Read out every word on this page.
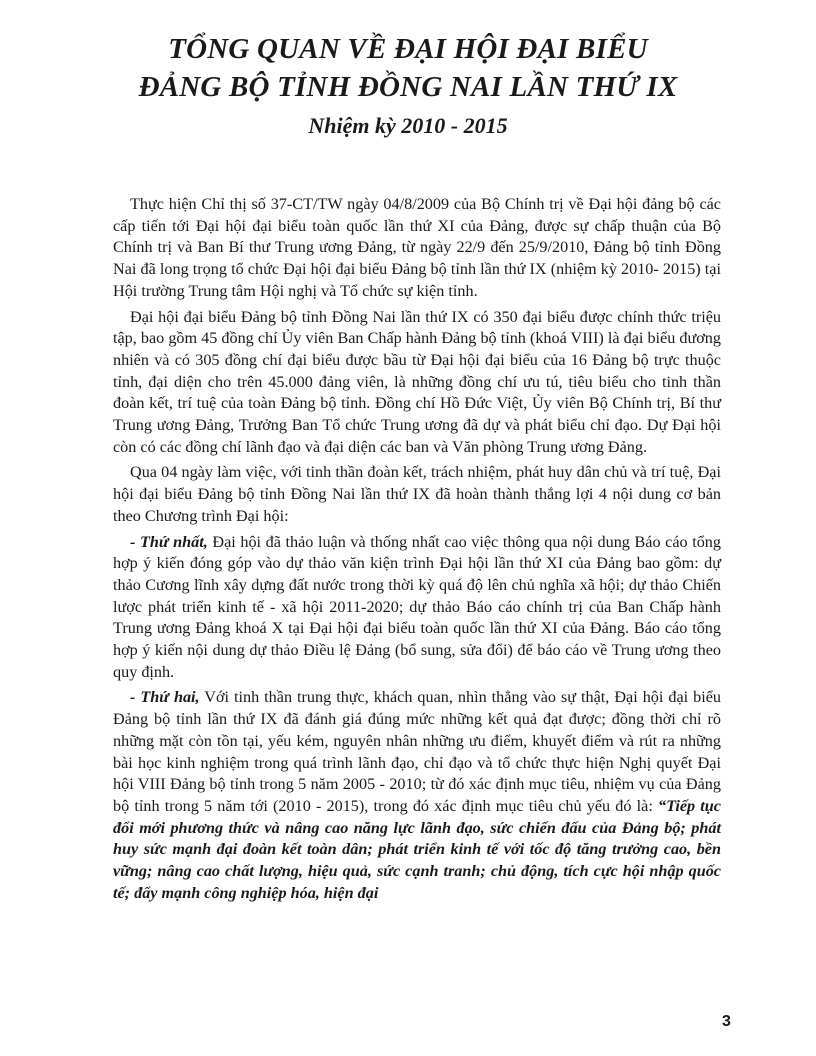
TỔNG QUAN VỀ ĐẠI HỘI ĐẠI BIỂU

ĐẢNG BỘ TỈNH ĐỒNG NAI LẦN THỨ IX

Nhiệm kỳ 2010 - 2015

Thực hiện Chỉ thị số 37-CT/TW ngày 04/8/2009 của Bộ Chính trị về Đại hội đảng bộ các cấp tiến tới Đại hội đại biểu toàn quốc lần thứ XI của Đảng, được sự chấp thuận của Bộ Chính trị và Ban Bí thư Trung ương Đảng, từ ngày 22/9 đến 25/9/2010, Đảng bộ tỉnh Đồng Nai đã long trọng tổ chức Đại hội đại biểu Đảng bộ tỉnh lần thứ IX (nhiệm kỳ 2010- 2015) tại Hội trường Trung tâm Hội nghị và Tổ chức sự kiện tỉnh.

Đại hội đại biểu Đảng bộ tỉnh Đồng Nai lần thứ IX có 350 đại biểu được chính thức triệu tập, bao gồm 45 đồng chí Ủy viên Ban Chấp hành Đảng bộ tỉnh (khoá VIII) là đại biểu đương nhiên và có 305 đồng chí đại biểu được bầu từ Đại hội đại biểu của 16 Đảng bộ trực thuộc tỉnh, đại diện cho trên 45.000 đảng viên, là những đồng chí ưu tú, tiêu biểu cho tinh thần đoàn kết, trí tuệ của toàn Đảng bộ tỉnh. Đồng chí Hồ Đức Việt, Ủy viên Bộ Chính trị, Bí thư Trung ương Đảng, Trưởng Ban Tổ chức Trung ương đã dự và phát biểu chỉ đạo. Dự Đại hội còn có các đồng chí lãnh đạo và đại diện các ban và Văn phòng Trung ương Đảng.

Qua 04 ngày làm việc, với tinh thần đoàn kết, trách nhiệm, phát huy dân chủ và trí tuệ, Đại hội đại biểu Đảng bộ tỉnh Đồng Nai lần thứ IX đã hoàn thành thắng lợi 4 nội dung cơ bản theo Chương trình Đại hội:

- Thứ nhất, Đại hội đã thảo luận và thống nhất cao việc thông qua nội dung Báo cáo tổng hợp ý kiến đóng góp vào dự thảo văn kiện trình Đại hội lần thứ XI của Đảng bao gồm: dự thảo Cương lĩnh xây dựng đất nước trong thời kỳ quá độ lên chủ nghĩa xã hội; dự thảo Chiến lược phát triển kinh tế - xã hội 2011-2020; dự thảo Báo cáo chính trị của Ban Chấp hành Trung ương Đảng khoá X tại Đại hội đại biểu toàn quốc lần thứ XI của Đảng. Báo cáo tổng hợp ý kiến nội dung dự thảo Điều lệ Đảng (bổ sung, sửa đổi) để báo cáo về Trung ương theo quy định.

- Thứ hai, Với tinh thần trung thực, khách quan, nhìn thẳng vào sự thật, Đại hội đại biểu Đảng bộ tỉnh lần thứ IX đã đánh giá đúng mức những kết quả đạt được; đồng thời chỉ rõ những mặt còn tồn tại, yếu kém, nguyên nhân những ưu điểm, khuyết điểm và rút ra những bài học kinh nghiệm trong quá trình lãnh đạo, chỉ đạo và tổ chức thực hiện Nghị quyết Đại hội VIII Đảng bộ tỉnh trong 5 năm 2005 - 2010; từ đó xác định mục tiêu, nhiệm vụ của Đảng bộ tỉnh trong 5 năm tới (2010 - 2015), trong đó xác định mục tiêu chủ yếu đó là: “Tiếp tục đổi mới phương thức và nâng cao năng lực lãnh đạo, sức chiến đấu của Đảng bộ; phát huy sức mạnh đại đoàn kết toàn dân; phát triển kinh tế với tốc độ tăng trưởng cao, bền vững; nâng cao chất lượng, hiệu quả, sức cạnh tranh; chủ động, tích cực hội nhập quốc tế; đẩy mạnh công nghiệp hóa, hiện đại

3
